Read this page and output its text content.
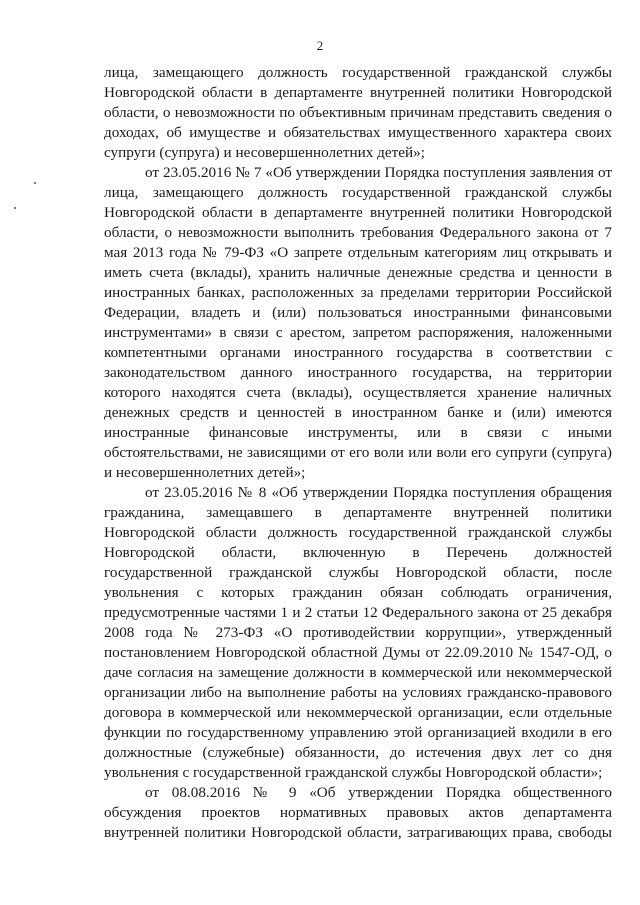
2
лица, замещающего должность государственной гражданской службы
Новгородской области в департаменте внутренней политики Новгородской
области, о невозможности по объективным причинам представить сведения о
доходах, об имуществе и обязательствах имущественного характера своих
супруги (супруга) и несовершеннолетних детей»;
от 23.05.2016 № 7 «Об утверждении Порядка поступления заявления от
лица, замещающего должность государственной гражданской службы
Новгородской области в департаменте внутренней политики Новгородской
области, о невозможности выполнить требования Федерального закона от 7
мая 2013 года № 79-ФЗ «О запрете отдельным категориям лиц открывать и
иметь счета (вклады), хранить наличные денежные средства и ценности в
иностранных банках, расположенных за пределами территории Российской
Федерации, владеть и (или) пользоваться иностранными финансовыми
инструментами» в связи с арестом, запретом распоряжения, наложенными
компетентными органами иностранного государства в соответствии с
законодательством данного иностранного государства, на территории
которого находятся счета (вклады), осуществляется хранение наличных
денежных средств и ценностей в иностранном банке и (или) имеются
иностранные финансовые инструменты, или в связи с иными
обстоятельствами, не зависящими от его воли или воли его супруги (супруга)
и несовершеннолетних детей»;
от 23.05.2016 № 8 «Об утверждении Порядка поступления обращения
гражданина, замещавшего в департаменте внутренней политики
Новгородской области должность государственной гражданской службы
Новгородской области, включенную в Перечень должностей
государственной гражданской службы Новгородской области, после
увольнения с которых гражданин обязан соблюдать ограничения,
предусмотренные частями 1 и 2 статьи 12 Федерального закона от 25 декабря
2008 года № 273-ФЗ «О противодействии коррупции», утвержденный
постановлением Новгородской областной Думы от 22.09.2010 № 1547-ОД, о
даче согласия на замещение должности в коммерческой или некоммерческой
организации либо на выполнение работы на условиях гражданско-правового
договора в коммерческой или некоммерческой организации, если отдельные
функции по государственному управлению этой организацией входили в его
должностные (служебные) обязанности, до истечения двух лет со дня
увольнения с государственной гражданской службы Новгородской области»;
от 08.08.2016 № 9 «Об утверждении Порядка общественного
обсуждения проектов нормативных правовых актов департамента
внутренней политики Новгородской области, затрагивающих права, свободы
